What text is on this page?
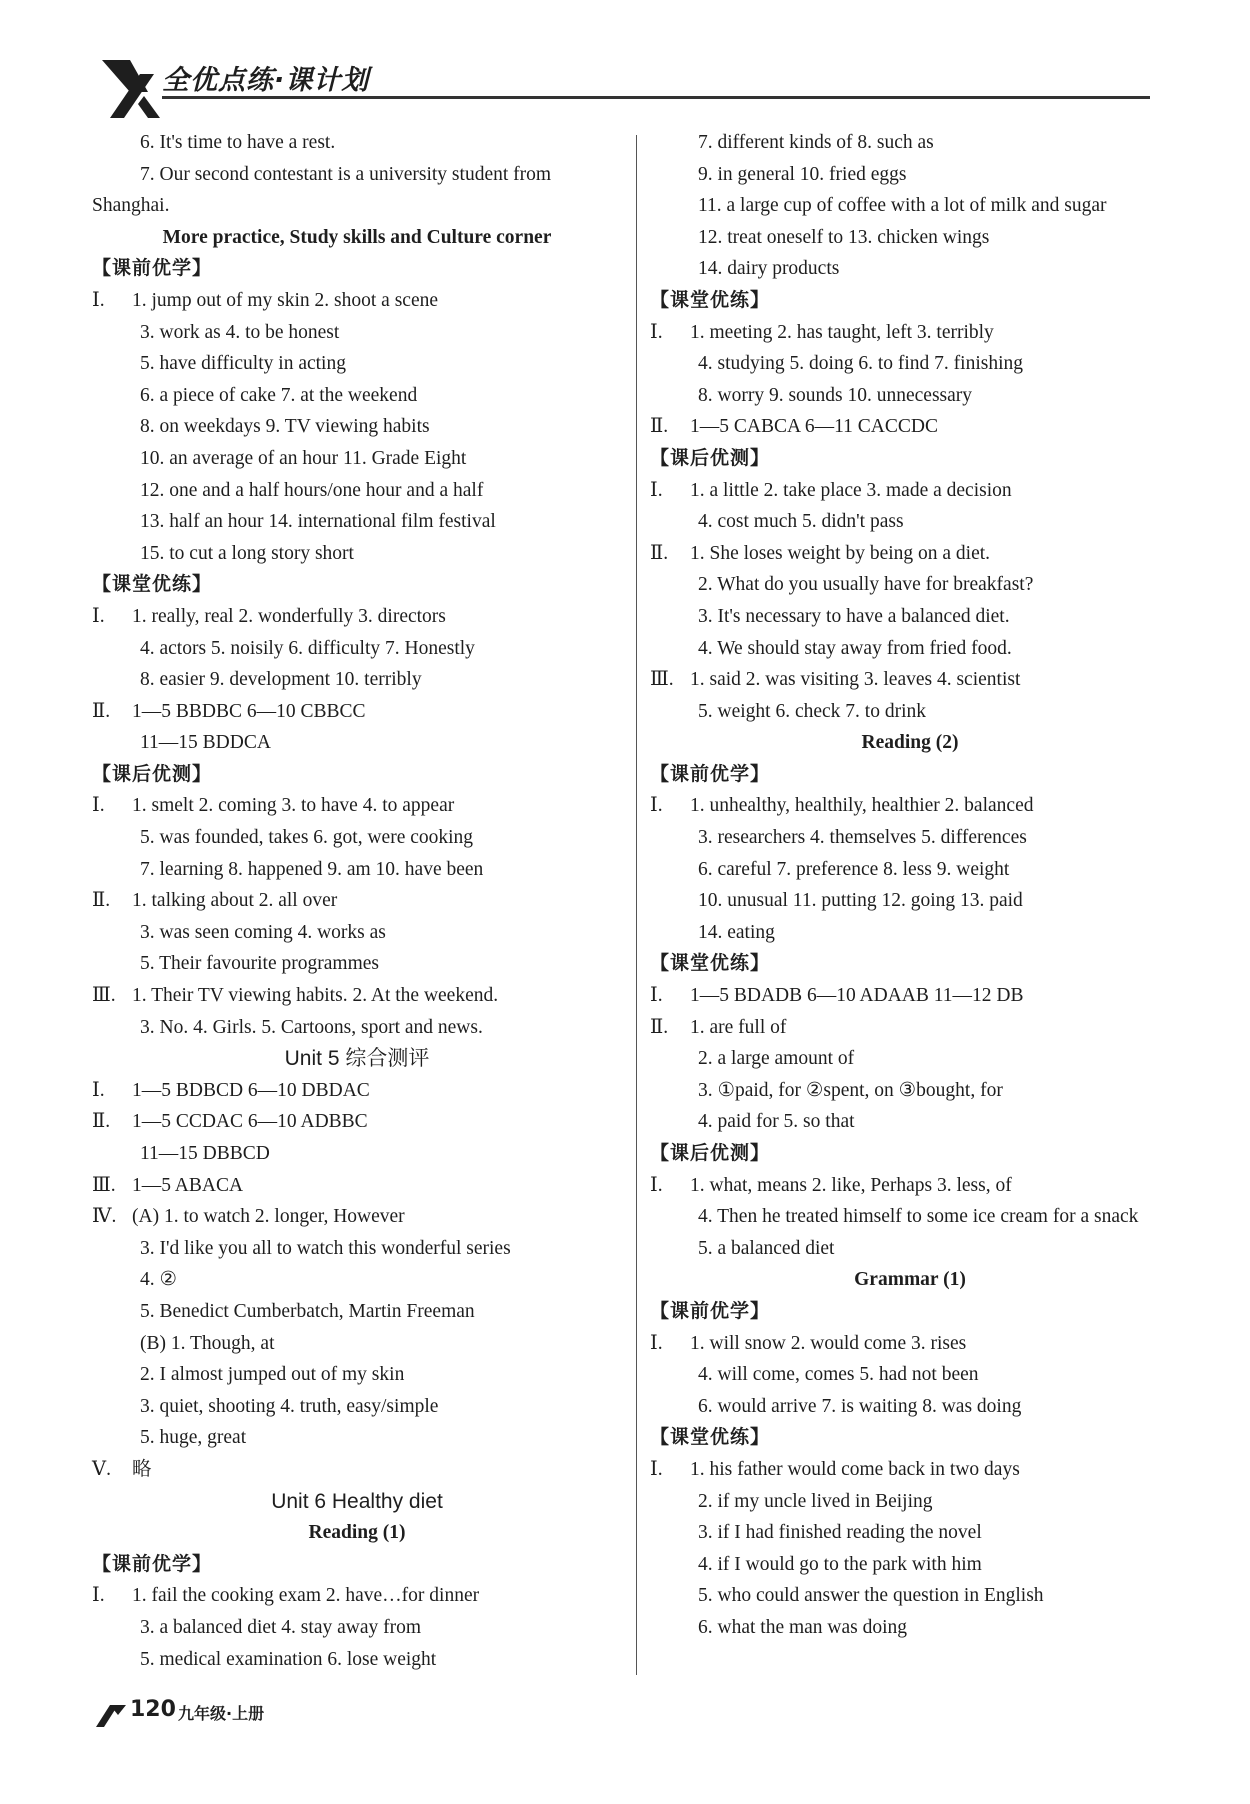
全优点练·课计划
6. It's time to have a rest.
7. Our second contestant is a university student from
Shanghai.
More practice, Study skills and Culture corner
【课前优学】
Ⅰ. 1. jump out of my skin 2. shoot a scene
3. work as 4. to be honest
5. have difficulty in acting
6. a piece of cake 7. at the weekend
8. on weekdays 9. TV viewing habits
10. an average of an hour 11. Grade Eight
12. one and a half hours/one hour and a half
13. half an hour 14. international film festival
15. to cut a long story short
【课堂优练】
Ⅰ. 1. really, real 2. wonderfully 3. directors
4. actors 5. noisily 6. difficulty 7. Honestly
8. easier 9. development 10. terribly
Ⅱ. 1—5 BBDBC 6—10 CBBCC
11—15 BDDCA
【课后优测】
Ⅰ. 1. smelt 2. coming 3. to have 4. to appear
5. was founded, takes 6. got, were cooking
7. learning 8. happened 9. am 10. have been
Ⅱ. 1. talking about 2. all over
3. was seen coming 4. works as
5. Their favourite programmes
Ⅲ. 1. Their TV viewing habits. 2. At the weekend.
3. No. 4. Girls. 5. Cartoons, sport and news.
Unit 5 综合测评
Ⅰ. 1—5 BDBCD 6—10 DBDAC
Ⅱ. 1—5 CCDAC 6—10 ADBBC
11—15 DBBCD
Ⅲ. 1—5 ABACA
Ⅳ. (A) 1. to watch 2. longer, However
3. I'd like you all to watch this wonderful series
4. ②
5. Benedict Cumberbatch, Martin Freeman
(B) 1. Though, at
2. I almost jumped out of my skin
3. quiet, shooting 4. truth, easy/simple
5. huge, great
Ⅴ. 略
Unit 6 Healthy diet
Reading (1)
【课前优学】
Ⅰ. 1. fail the cooking exam 2. have…for dinner
3. a balanced diet 4. stay away from
5. medical examination 6. lose weight
7. different kinds of 8. such as
9. in general 10. fried eggs
11. a large cup of coffee with a lot of milk and sugar
12. treat oneself to 13. chicken wings
14. dairy products
【课堂优练】
Ⅰ. 1. meeting 2. has taught, left 3. terribly
4. studying 5. doing 6. to find 7. finishing
8. worry 9. sounds 10. unnecessary
Ⅱ. 1—5 CABCA 6—11 CACCDC
【课后优测】
Ⅰ. 1. a little 2. take place 3. made a decision
4. cost much 5. didn't pass
Ⅱ. 1. She loses weight by being on a diet.
2. What do you usually have for breakfast?
3. It's necessary to have a balanced diet.
4. We should stay away from fried food.
Ⅲ. 1. said 2. was visiting 3. leaves 4. scientist
5. weight 6. check 7. to drink
Reading (2)
【课前优学】
Ⅰ. 1. unhealthy, healthily, healthier 2. balanced
3. researchers 4. themselves 5. differences
6. careful 7. preference 8. less 9. weight
10. unusual 11. putting 12. going 13. paid
14. eating
【课堂优练】
Ⅰ. 1—5 BDADB 6—10 ADAAB 11—12 DB
Ⅱ. 1. are full of
2. a large amount of
3. ①paid, for ②spent, on ③bought, for
4. paid for 5. so that
【课后优测】
Ⅰ. 1. what, means 2. like, Perhaps 3. less, of
4. Then he treated himself to some ice cream for a snack
5. a balanced diet
Grammar (1)
【课前优学】
Ⅰ. 1. will snow 2. would come 3. rises
4. will come, comes 5. had not been
6. would arrive 7. is waiting 8. was doing
【课堂优练】
Ⅰ. 1. his father would come back in two days
2. if my uncle lived in Beijing
3. if I had finished reading the novel
4. if I would go to the park with him
5. who could answer the question in English
6. what the man was doing
120 九年级·上册
